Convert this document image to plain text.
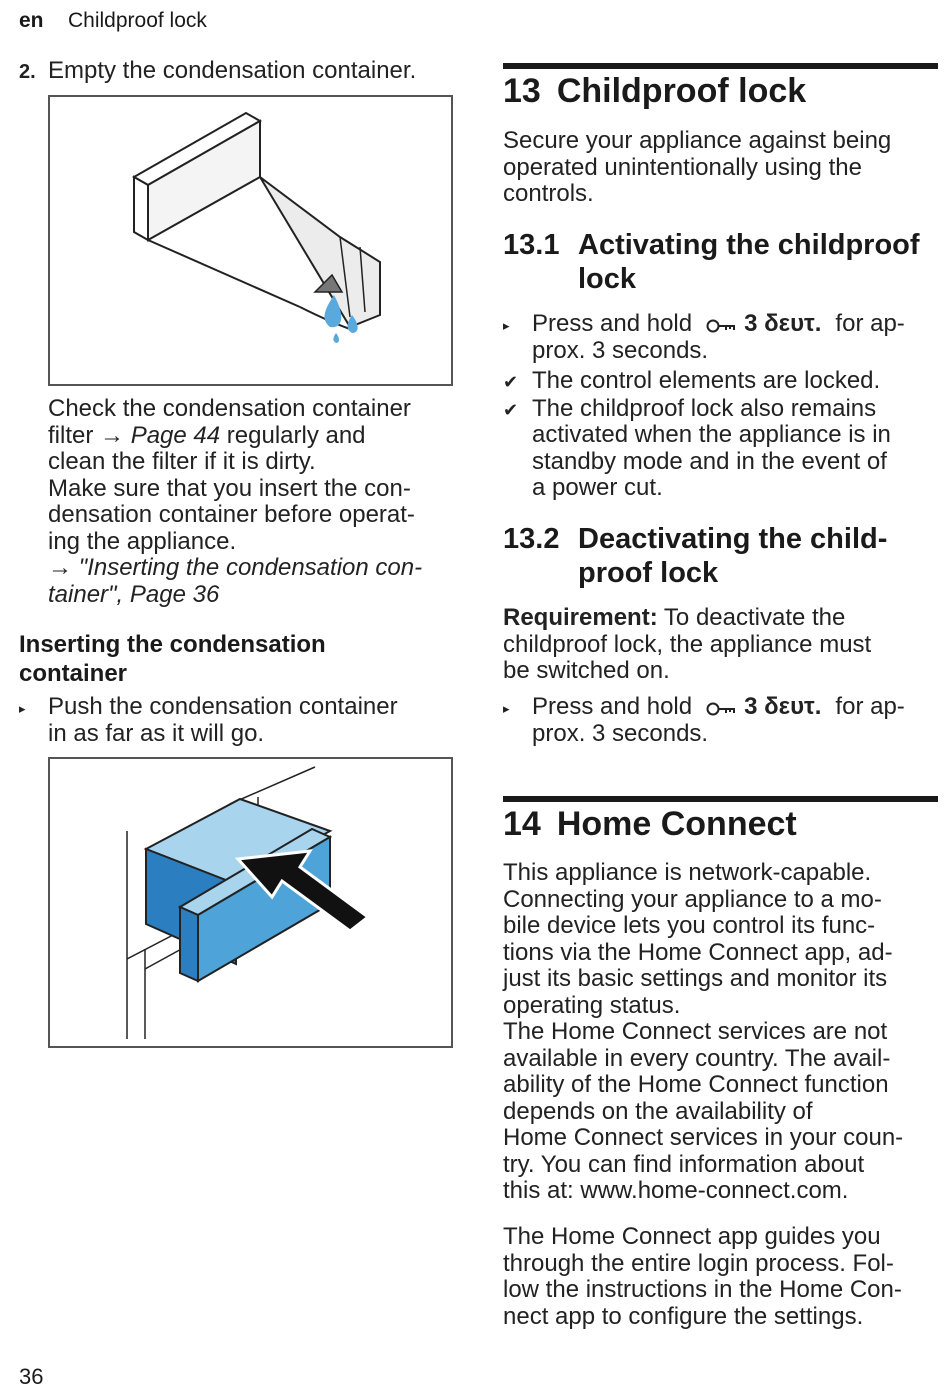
en Childproof lock
2. Empty the condensation container.

Check the condensation container

filter → Page 44 regularly and

clean the filter if it is dirty.

Make sure that you insert the con-

densation container before operat-

ing the appliance.

→ "Inserting the condensation con-

tainer", Page 36

Inserting the condensation container
▸ Push the condensation container

in as far as it will go.

13 Childproof lock

Secure your appliance against being

operated unintentionally using the

controls.

13.1 Activating the childproof
lock
▸ Press and hold 3 δευτ. for ap-

prox. 3 seconds.

✔ The control elements are locked.

✔ The childproof lock also remains

activated when the appliance is in

standby mode and in the event of

a power cut.

13.2 Deactivating the child-
proof lock

Requirement: To deactivate the

childproof lock, the appliance must

be switched on.

▸ Press and hold 3 δευτ. for ap-

prox. 3 seconds.

14 Home Connect

This appliance is network-capable.

Connecting your appliance to a mo-

bile device lets you control its func-

tions via the Home Connect app, ad-

just its basic settings and monitor its

operating status.

The Home Connect services are not

available in every country. The avail-

ability of the Home Connect function

depends on the availability of

Home Connect services in your coun-

try. You can find information about

this at: www.home-connect.com.

The Home Connect app guides you

through the entire login process. Fol-

low the instructions in the Home Con-

nect app to configure the settings.

36
